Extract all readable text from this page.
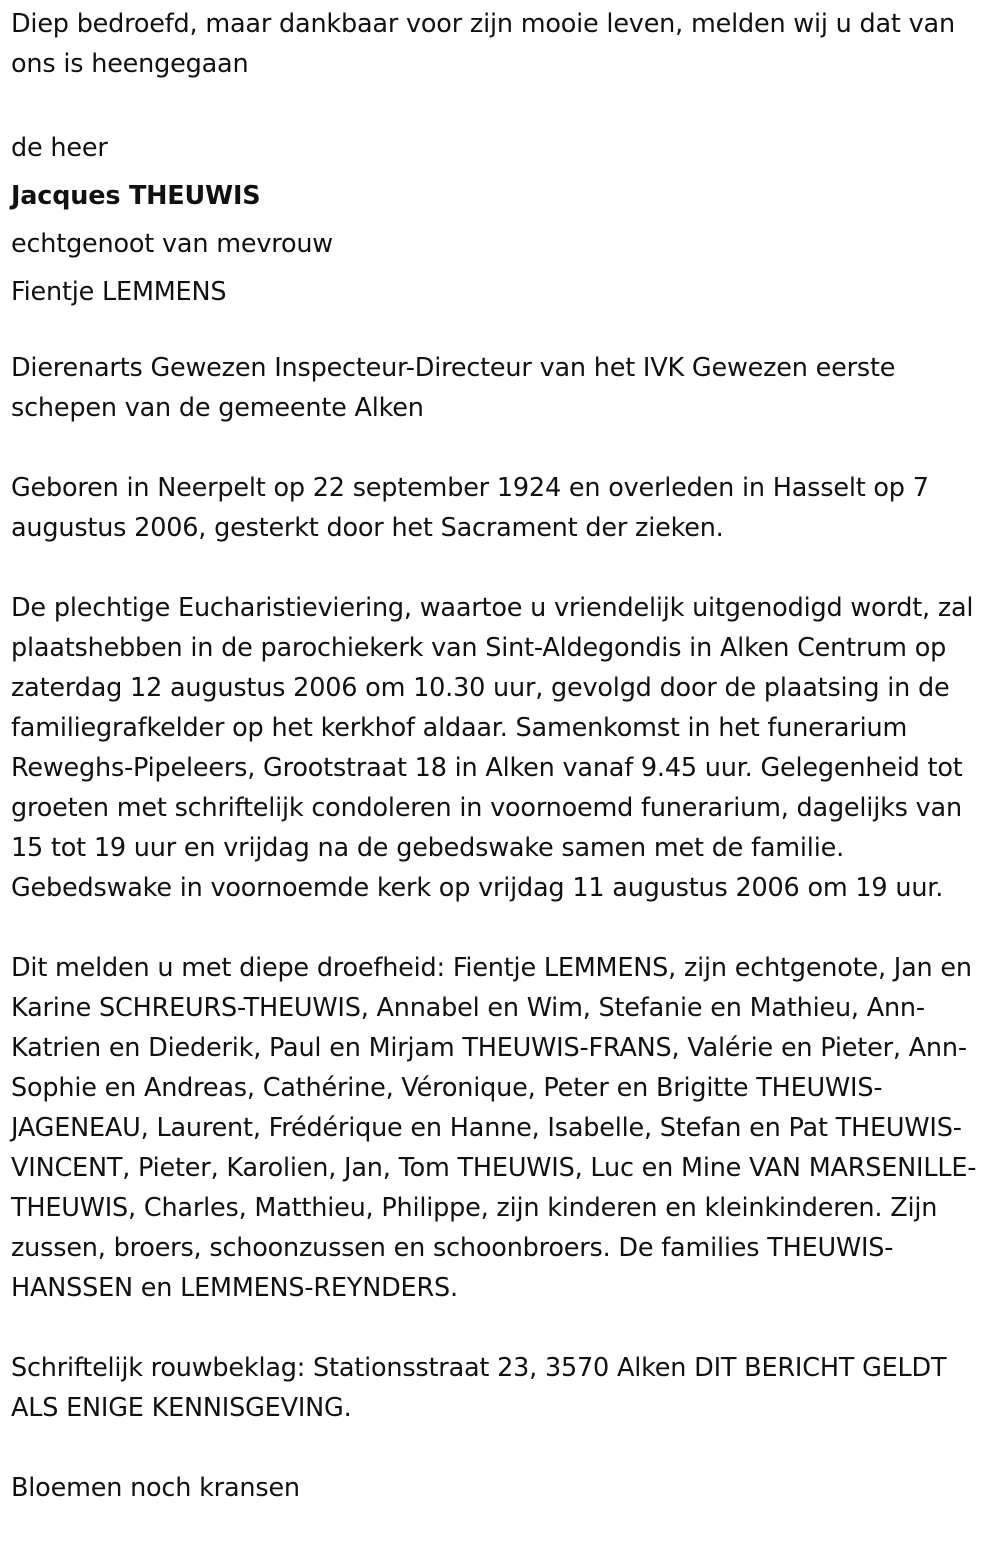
Diep bedroefd, maar dankbaar voor zijn mooie leven, melden wij u dat van ons is heengegaan

de heer

Jacques THEUWIS

echtgenoot van mevrouw

Fientje LEMMENS

Dierenarts Gewezen Inspecteur-Directeur van het IVK Gewezen eerste schepen van de gemeente Alken

Geboren in Neerpelt op 22 september 1924 en overleden in Hasselt op 7 augustus 2006, gesterkt door het Sacrament der zieken.

De plechtige Eucharistieviering, waartoe u vriendelijk uitgenodigd wordt, zal plaatshebben in de parochiekerk van Sint-Aldegondis in Alken Centrum op zaterdag 12 augustus 2006 om 10.30 uur, gevolgd door de plaatsing in de familiegrafkelder op het kerkhof aldaar. Samenkomst in het funerarium Reweghs-Pipeleers, Grootstraat 18 in Alken vanaf 9.45 uur. Gelegenheid tot groeten met schriftelijk condoleren in voornoemd funerarium, dagelijks van 15 tot 19 uur en vrijdag na de gebedswake samen met de familie. Gebedswake in voornoemde kerk op vrijdag 11 augustus 2006 om 19 uur.

Dit melden u met diepe droefheid: Fientje LEMMENS, zijn echtgenote, Jan en Karine SCHREURS-THEUWIS, Annabel en Wim, Stefanie en Mathieu, Ann-Katrien en Diederik, Paul en Mirjam THEUWIS-FRANS, Valérie en Pieter, Ann-Sophie en Andreas, Cathérine, Véronique, Peter en Brigitte THEUWIS-JAGENEAU, Laurent, Frédérique en Hanne, Isabelle, Stefan en Pat THEUWIS-VINCENT, Pieter, Karolien, Jan, Tom THEUWIS, Luc en Mine VAN MARSENILLE-THEUWIS, Charles, Matthieu, Philippe, zijn kinderen en kleinkinderen. Zijn zussen, broers, schoonzussen en schoonbroers. De families THEUWIS-HANSSEN en LEMMENS-REYNDERS.

Schriftelijk rouwbeklag: Stationsstraat 23, 3570 Alken DIT BERICHT GELDT ALS ENIGE KENNISGEVING.

Bloemen noch kransen
